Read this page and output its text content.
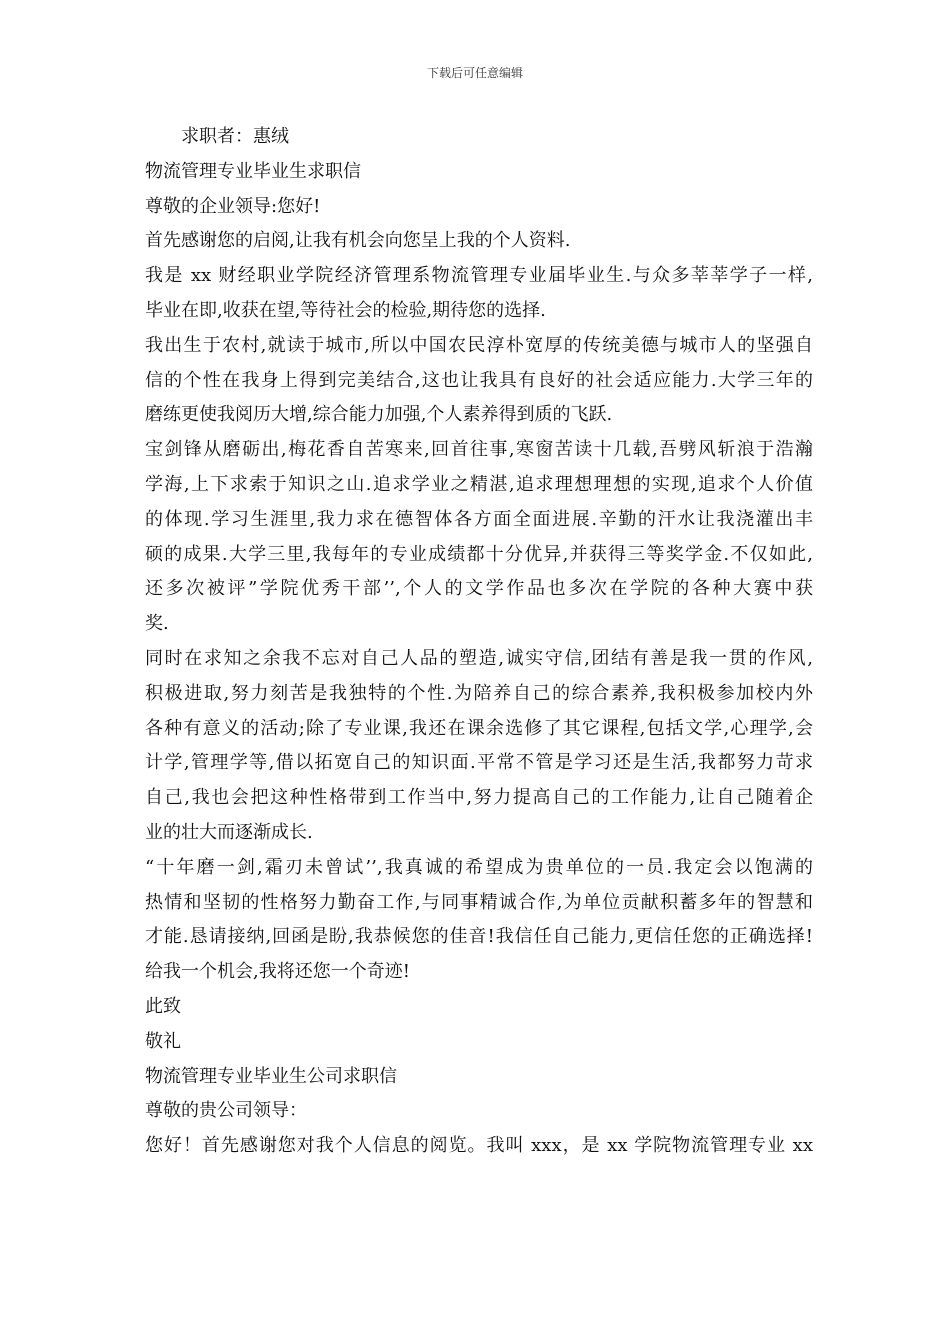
下载后可任意编辑
求职者：惠绒
物流管理专业毕业生求职信
尊敬的企业领导:您好!
首先感谢您的启阅,让我有机会向您呈上我的个人资料.
我是 xx 财经职业学院经济管理系物流管理专业届毕业生.与众多莘莘学子一样,
毕业在即,收获在望,等待社会的检验,期待您的选择.
我出生于农村,就读于城市,所以中国农民淳朴宽厚的传统美德与城市人的坚强自
信的个性在我身上得到完美结合,这也让我具有良好的社会适应能力.大学三年的
磨练更使我阅历大增,综合能力加强,个人素养得到质的飞跃.
宝剑锋从磨砺出,梅花香自苦寒来,回首往事,寒窗苦读十几载,吾劈风斩浪于浩瀚
学海,上下求索于知识之山.追求学业之精湛,追求理想理想的实现,追求个人价值
的体现.学习生涯里,我力求在德智体各方面全面进展.辛勤的汗水让我浇灌出丰
硕的成果.大学三里,我每年的专业成绩都十分优异,并获得三等奖学金.不仅如此,
还多次被评”学院优秀干部’’,个人的文学作品也多次在学院的各种大赛中获
奖.
同时在求知之余我不忘对自己人品的塑造,诚实守信,团结有善是我一贯的作风,
积极进取,努力刻苦是我独特的个性.为陪养自己的综合素养,我积极参加校内外
各种有意义的活动;除了专业课,我还在课余选修了其它课程,包括文学,心理学,会
计学,管理学等,借以拓宽自己的知识面.平常不管是学习还是生活,我都努力苛求
自己,我也会把这种性格带到工作当中,努力提高自己的工作能力,让自己随着企
业的壮大而逐渐成长.
“十年磨一剑,霜刃未曾试’’,我真诚的希望成为贵单位的一员.我定会以饱满的
热情和坚韧的性格努力勤奋工作,与同事精诚合作,为单位贡献积蓄多年的智慧和
才能.恳请接纳,回函是盼,我恭候您的佳音!我信任自己能力,更信任您的正确选择!
给我一个机会,我将还您一个奇迹!
此致
敬礼
物流管理专业毕业生公司求职信
尊敬的贵公司领导：
您好！首先感谢您对我个人信息的阅览。我叫 xxx，是 xx 学院物流管理专业 xx
